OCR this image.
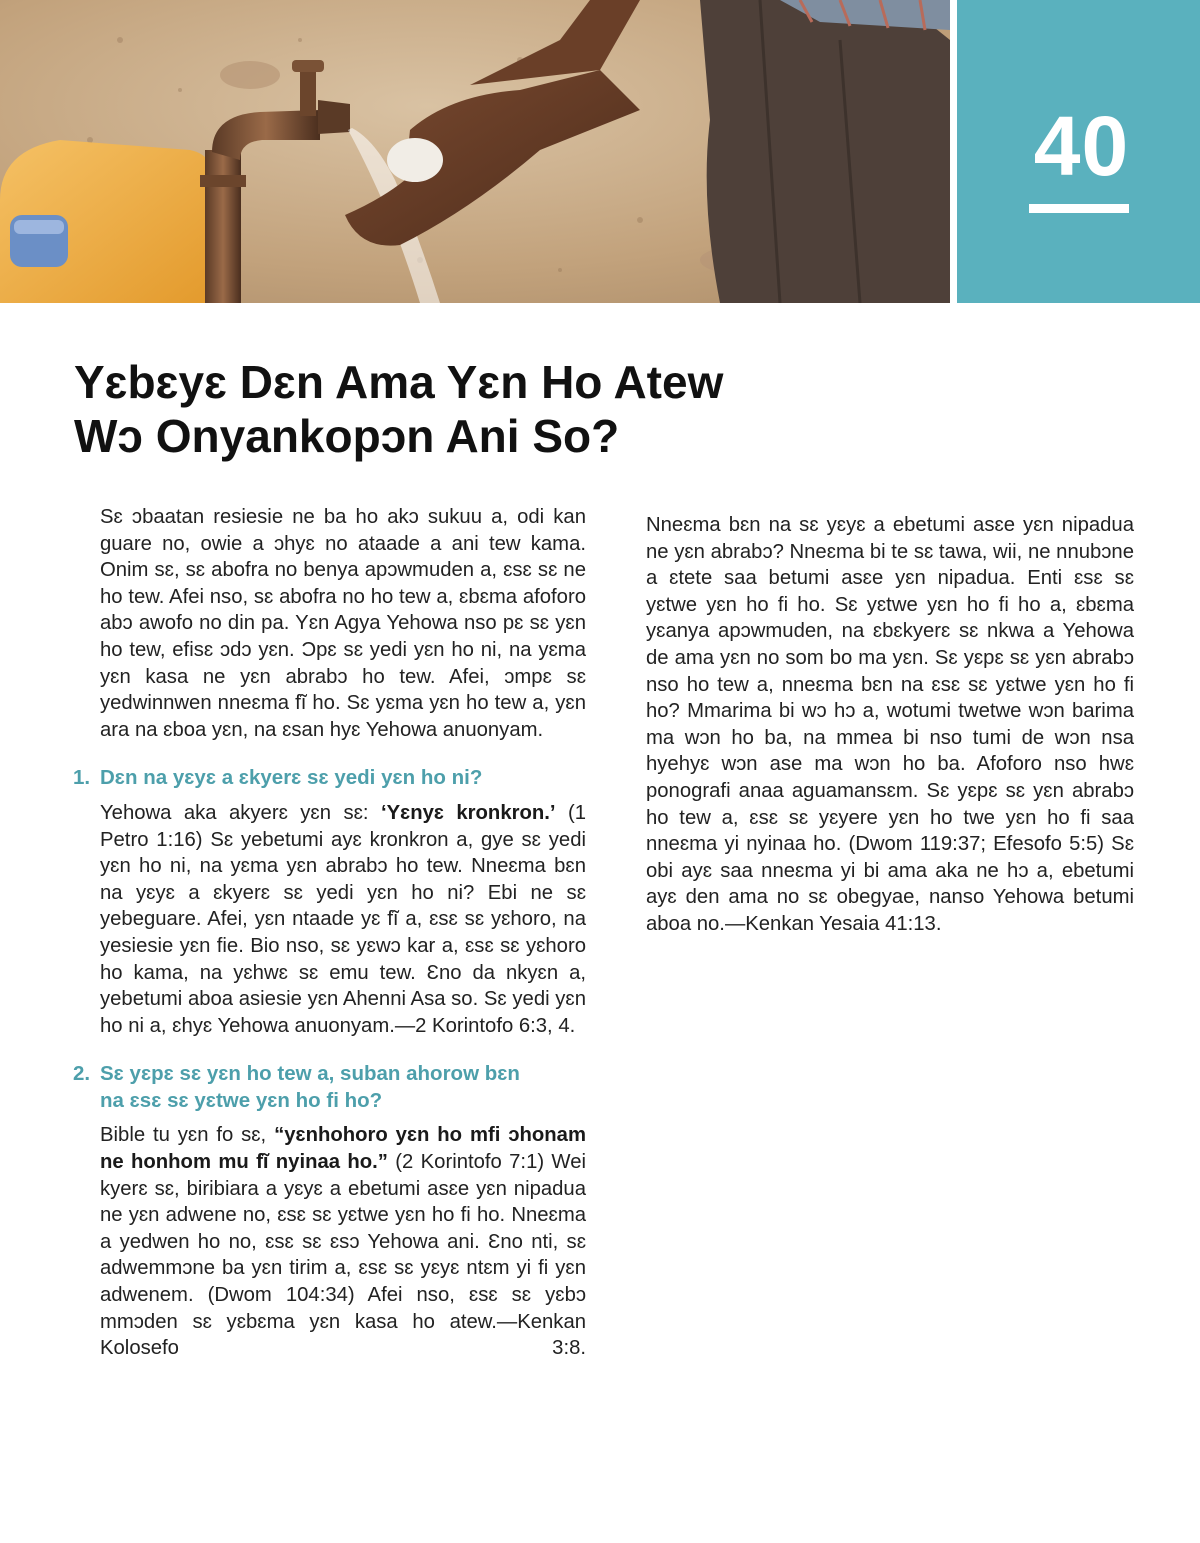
40
Yɛbɛyɛ Dɛn Ama Yɛn Ho Atew
Wɔ Onyankopɔn Ani So?

Sɛ ɔbaatan resiesie ne ba ho akɔ sukuu a, odi kan guare no, owie a ɔhyɛ no ataade a ani tew kama. Onim sɛ, sɛ abofra no benya apɔwmuden a, ɛsɛ sɛ ne ho tew. Afei nso, sɛ abofra no ho tew a, ɛbɛma afoforo abɔ awofo no din pa. Yɛn Agya Yehowa nso pɛ sɛ yɛn ho tew, efisɛ ɔdɔ yɛn. Ɔpɛ sɛ yedi yɛn ho ni, na yɛma yɛn kasa ne yɛn abrabɔ ho tew. Afei, ɔmpɛ sɛ yedwinnwen nneɛma fĩ ho. Sɛ yɛma yɛn ho tew a, yɛn ara na ɛboa yɛn, na ɛsan hyɛ Yehowa anuonyam.

1. Dɛn na yɛyɛ a ɛkyerɛ sɛ yedi yɛn ho ni?

Yehowa aka akyerɛ yɛn sɛ: ‘Yɛnyɛ kronkron.’ (1 Petro 1:16) Sɛ yebetumi ayɛ kronkron a, gye sɛ yedi yɛn ho ni, na yɛma yɛn abrabɔ ho tew. Nneɛma bɛn na yɛyɛ a ɛkyerɛ sɛ yedi yɛn ho ni? Ebi ne sɛ yebeguare. Afei, yɛn ntaade yɛ fĩ a, ɛsɛ sɛ yɛhoro, na yesiesie yɛn fie. Bio nso, sɛ yɛwɔ kar a, ɛsɛ sɛ yɛhoro ho kama, na yɛhwɛ sɛ emu tew. Ɛno da nkyɛn a, yebetumi aboa asiesie yɛn Ahenni Asa so. Sɛ yedi yɛn ho ni a, ɛhyɛ Yehowa anuonyam.—2 Korintofo 6:3, 4.

2. Sɛ yɛpɛ sɛ yɛn ho tew a, suban ahorow bɛn
na ɛsɛ sɛ yɛtwe yɛn ho fi ho?

Bible tu yɛn fo sɛ, “yɛnhohoro yɛn ho mfi ɔhonam ne honhom mu fĩ nyinaa ho.” (2 Korintofo 7:1) Wei kyerɛ sɛ, biribiara a yɛyɛ a ebetumi asɛe yɛn nipadua ne yɛn adwene no, ɛsɛ sɛ yɛtwe yɛn ho fi ho. Nneɛma a yedwen ho no, ɛsɛ sɛ ɛsɔ Yehowa ani. Ɛno nti, sɛ adwemmɔne ba yɛn tirim a, ɛsɛ sɛ yɛyɛ ntɛm yi fi yɛn adwenem. (Dwom 104:34) Afei nso, ɛsɛ sɛ yɛbɔ mmɔden sɛ yɛbɛma yɛn kasa ho atew.—Kenkan Kolosefo 3:8.

Nneɛma bɛn na sɛ yɛyɛ a ebetumi asɛe yɛn nipadua ne yɛn abrabɔ? Nneɛma bi te sɛ tawa, wii, ne nnubɔne a ɛtete saa betumi asɛe yɛn nipadua. Enti ɛsɛ sɛ yɛtwe yɛn ho fi ho. Sɛ yɛtwe yɛn ho fi ho a, ɛbɛma yɛanya apɔwmuden, na ɛbɛkyerɛ sɛ nkwa a Yehowa de ama yɛn no som bo ma yɛn. Sɛ yɛpɛ sɛ yɛn abrabɔ nso ho tew a, nneɛma bɛn na ɛsɛ sɛ yɛtwe yɛn ho fi ho? Mmarima bi wɔ hɔ a, wotumi twetwe wɔn barima ma wɔn ho ba, na mmea bi nso tumi de wɔn nsa hyehyɛ wɔn ase ma wɔn ho ba. Afoforo nso hwɛ ponografi anaa aguamansɛm. Sɛ yɛpɛ sɛ yɛn abrabɔ ho tew a, ɛsɛ sɛ yɛyere yɛn ho twe yɛn ho fi saa nneɛma yi nyinaa ho. (Dwom 119:37; Efesofo 5:5) Sɛ obi ayɛ saa nneɛma yi bi ama aka ne hɔ a, ebetumi ayɛ den ama no sɛ obegyae, nanso Yehowa betumi aboa no.—Kenkan Yesaia 41:13.
